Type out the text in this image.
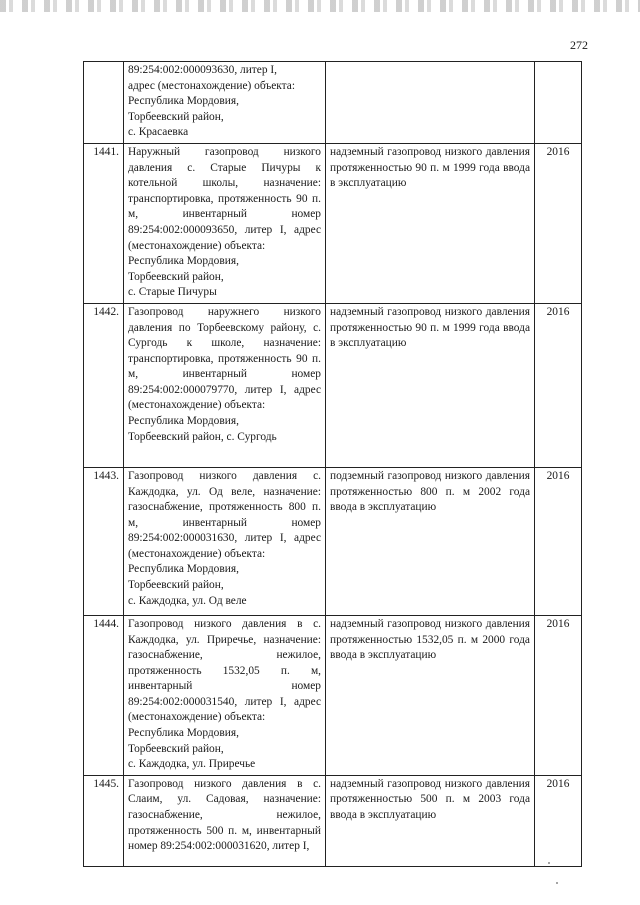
272
	89:254:002:000093630, литер I,
адрес (местонахождение) объекта:
Республика Мордовия,
Торбеевский район,
с. Красаевка		
1441.	Наружный газопровод низкого давления с. Старые Пичуры к котельной школы, назначение: транспортировка, протяженность 90 п. м, инвентарный номер 89:254:002:000093650, литер I, адрес (местонахождение) объекта:
Республика Мордовия,
Торбеевский район,
с. Старые Пичуры	надземный газопровод низкого давления протяженностью 90 п. м 1999 года ввода в эксплуатацию	2016
1442.	Газопровод наружнего низкого давления по Торбеевскому району, с. Сургодь к школе, назначение: транспортировка, протяженность 90 п. м, инвентарный номер 89:254:002:000079770, литер I, адрес (местонахождение) объекта:
Республика Мордовия,
Торбеевский район, с. Сургодь	надземный газопровод низкого давления протяженностью 90 п. м 1999 года ввода в эксплуатацию	2016
1443.	Газопровод низкого давления с. Каждодка, ул. Од веле, назначение: газоснабжение, протяженность 800 п. м, инвентарный номер 89:254:002:000031630, литер I, адрес (местонахождение) объекта:
Республика Мордовия,
Торбеевский район,
с. Каждодка, ул. Од веле	подземный газопровод низкого давления протяженностью 800 п. м 2002 года ввода в эксплуатацию	2016
1444.	Газопровод низкого давления в с. Каждодка, ул. Приречье, назначение: газоснабжение, нежилое, протяженность 1532,05 п. м, инвентарный номер 89:254:002:000031540, литер I, адрес (местонахождение) объекта:
Республика Мордовия,
Торбеевский район,
с. Каждодка, ул. Приречье	надземный газопровод низкого давления протяженностью 1532,05 п. м 2000 года ввода в эксплуатацию	2016
1445.	Газопровод низкого давления в с. Слаим, ул. Садовая, назначение: газоснабжение, нежилое, протяженность 500 п. м, инвентарный номер 89:254:002:000031620, литер I,	надземный газопровод низкого давления протяженностью 500 п. м 2003 года ввода в эксплуатацию	2016
